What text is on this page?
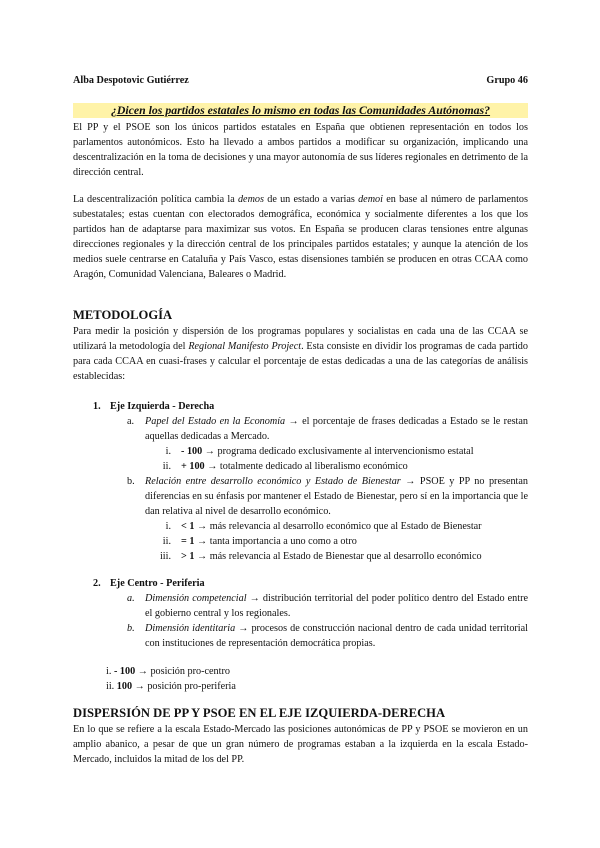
Alba Despotovic Gutiérrez	Grupo 46
¿Dicen los partidos estatales lo mismo en todas las Comunidades Autónomas?

El PP y el PSOE son los únicos partidos estatales en España que obtienen representación en todos los parlamentos autonómicos. Esto ha llevado a ambos partidos a modificar su organización, implicando una descentralización en la toma de decisiones y una mayor autonomía de sus líderes regionales en detrimento de la dirección central.

La descentralización política cambia la demos de un estado a varias demoi en base al número de parlamentos subestatales; estas cuentan con electorados demográfica, económica y socialmente diferentes a los que los partidos han de adaptarse para maximizar sus votos. En España se producen claras tensiones entre algunas direcciones regionales y la dirección central de los principales partidos estatales; y aunque la atención de los medios suele centrarse en Cataluña y País Vasco, estas disensiones también se producen en otras CCAA como Aragón, Comunidad Valenciana, Baleares o Madrid.

METODOLOGÍA

Para medir la posición y dispersión de los programas populares y socialistas en cada una de las CCAA se utilizará la metodología del Regional Manifesto Project. Esta consiste en dividir los programas de cada partido para cada CCAA en cuasi-frases y calcular el porcentaje de estas dedicadas a una de las categorías de análisis establecidas:

1. Eje Izquierda - Derecha
a. Papel del Estado en la Economía → el porcentaje de frases dedicadas a Estado se le restan aquellas dedicadas a Mercado.

i. - 100 → programa dedicado exclusivamente al intervencionismo estatal
ii. + 100 → totalmente dedicado al liberalismo económico
b. Relación entre desarrollo económico y Estado de Bienestar → PSOE y PP no presentan diferencias en su énfasis por mantener el Estado de Bienestar, pero sí en la importancia que le dan relativa al nivel de desarrollo económico.

i. < 1 → más relevancia al desarrollo económico que al Estado de Bienestar
ii. = 1 → tanta importancia a uno como a otro
iii. > 1 → más relevancia al Estado de Bienestar que al desarrollo económico
2. Eje Centro - Periferia
a. Dimensión competencial → distribución territorial del poder político dentro del Estado entre el gobierno central y los regionales.

b. Dimensión identitaria → procesos de construcción nacional dentro de cada unidad territorial con instituciones de representación democrática propias.

i. - 100 → posición pro-centro
ii. 100 → posición pro-periferia
DISPERSIÓN DE PP Y PSOE EN EL EJE IZQUIERDA-DERECHA

En lo que se refiere a la escala Estado-Mercado las posiciones autonómicas de PP y PSOE se movieron en un amplio abanico, a pesar de que un gran número de programas estaban a la izquierda en la escala Estado-Mercado, incluidos la mitad de los del PP.
